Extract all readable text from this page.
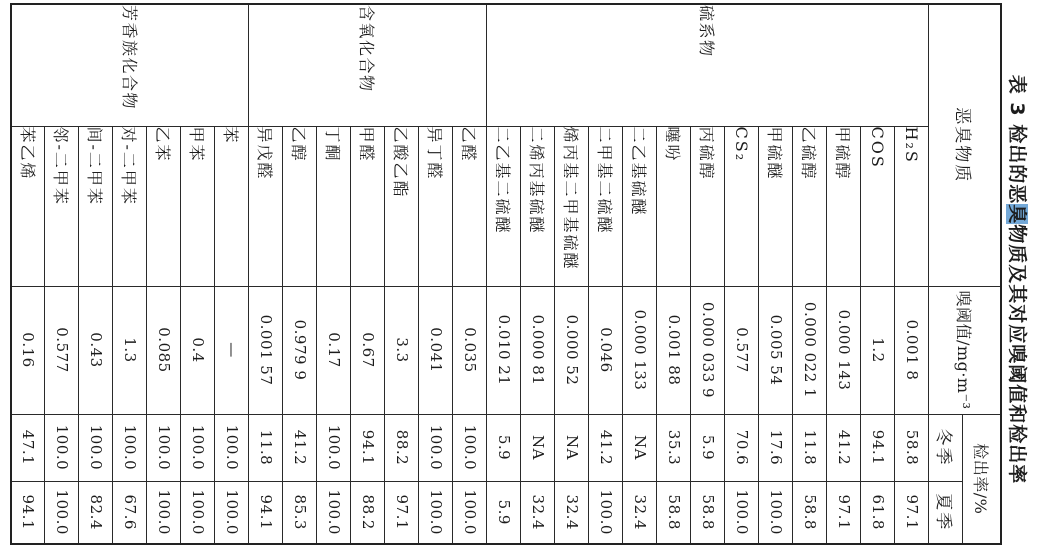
表 3 检出的恶臭物质及其对应嗅阈值和检出率
恶臭物质		嗅阈值/mg·m⁻³	检出率/%	
			冬季	夏季
硫系物	H₂S	0.001 8	58.8	97.1
	COS	1.2	94.1	61.8
	甲硫醇	0.000 143	41.2	97.1
	乙硫醇	0.000 022 1	11.8	58.8
	甲硫醚	0.005 54	17.6	100.0
	CS₂	0.577	70.6	100.0
	丙硫醇	0.000 033 9	5.9	58.8
	噻吩	0.001 88	35.3	58.8
	二乙基硫醚	0.000 133	NA	32.4
	二甲基二硫醚	0.046	41.2	100.0
	烯丙基二甲基硫醚	0.000 52	NA	32.4
	二烯丙基硫醚	0.000 81	NA	32.4
	二乙基二硫醚	0.010 21	5.9	5.9
含氧化合物	乙醛	0.035	100.0	100.0
	异丁醛	0.041	100.0	100.0
	乙酸乙酯	3.3	88.2	97.1
	甲醛	0.67	94.1	88.2
	丁酮	0.17	100.0	100.0
	乙醇	0.979 9	41.2	85.3
	异戊醛	0.001 57	11.8	94.1
芳香族化合物	苯	—	100.0	100.0
	甲苯	0.4	100.0	100.0
	乙苯	0.085	100.0	100.0
	对-二甲苯	1.3	100.0	67.6
	间-二甲苯	0.43	100.0	82.4
	邻-二甲苯	0.577	100.0	100.0
	苯乙烯	0.16	47.1	94.1
